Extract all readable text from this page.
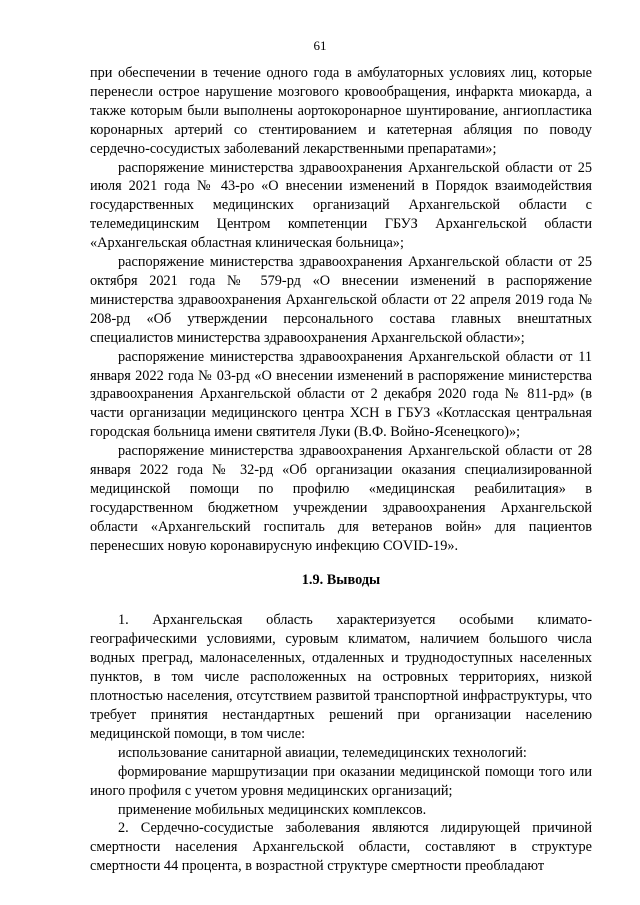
61

при обеспечении в течение одного года в амбулаторных условиях лиц, которые перенесли острое нарушение мозгового кровообращения, инфаркта миокарда, а также которым были выполнены аортокоронарное шунтирование, ангиопластика коронарных артерий со стентированием и катетерная абляция по поводу сердечно-сосудистых заболеваний лекарственными препаратами»;

распоряжение министерства здравоохранения Архангельской области от 25 июля 2021 года № 43-ро «О внесении изменений в Порядок взаимодействия государственных медицинских организаций Архангельской области с телемедицинским Центром компетенции ГБУЗ Архангельской области «Архангельская областная клиническая больница»;

распоряжение министерства здравоохранения Архангельской области от 25 октября 2021 года № 579-рд «О внесении изменений в распоряжение министерства здравоохранения Архангельской области от 22 апреля 2019 года № 208-рд «Об утверждении персонального состава главных внештатных специалистов министерства здравоохранения Архангельской области»;

распоряжение министерства здравоохранения Архангельской области от 11 января 2022 года № 03-рд «О внесении изменений в распоряжение министерства здравоохранения Архангельской области от 2 декабря 2020 года № 811-рд» (в части организации медицинского центра ХСН в ГБУЗ «Котласская центральная городская больница имени святителя Луки (В.Ф. Войно-Ясенецкого)»;

распоряжение министерства здравоохранения Архангельской области от 28 января 2022 года № 32-рд «Об организации оказания специализированной медицинской помощи по профилю «медицинская реабилитация» в государственном бюджетном учреждении здравоохранения Архангельской области «Архангельский госпиталь для ветеранов войн» для пациентов перенесших новую коронавирусную инфекцию COVID-19».

1.9. Выводы

1. Архангельская область характеризуется особыми климато-географическими условиями, суровым климатом, наличием большого числа водных преград, малонаселенных, отдаленных и труднодоступных населенных пунктов, в том числе расположенных на островных территориях, низкой плотностью населения, отсутствием развитой транспортной инфраструктуры, что требует принятия нестандартных решений при организации населению медицинской помощи, в том числе:

использование санитарной авиации, телемедицинских технологий:

формирование маршрутизации при оказании медицинской помощи того или иного профиля с учетом уровня медицинских организаций;

применение мобильных медицинских комплексов.

2. Сердечно-сосудистые заболевания являются лидирующей причиной смертности населения Архангельской области, составляют в структуре смертности 44 процента, в возрастной структуре смертности преобладают
